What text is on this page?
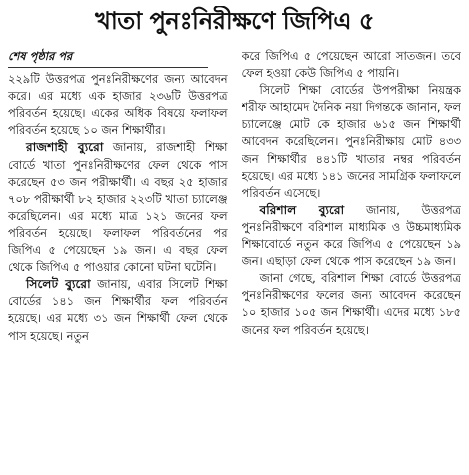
খাতা পুনঃনিরীক্ষণে জিপিএ ৫

শেষ পৃষ্ঠার পর

২২৯টি উত্তরপত্র পুনঃনিরীক্ষণের জন্য আবেদন করে। এর মধ্যে এক হাজার ২৩৬টি উত্তরপত্র পরিবর্তন হয়েছে। একের অধিক বিষয়ে ফলাফল পরিবর্তন হয়েছে ১০ জন শিক্ষার্থীর।

রাজশাহী ব্যুরো জানায়, রাজশাহী শিক্ষা বোর্ডে খাতা পুনঃনিরীক্ষণের ফেল থেকে পাস করেছেন ৫৩ জন পরীক্ষার্থী। এ বছর ২৫ হাজার ৭০৮ পরীক্ষার্থী ৮২ হাজার ২২৩টি খাতা চ্যালেঞ্জ করেছিলেন। এর মধ্যে মাত্র ১২১ জনের ফল পরিবর্তন হয়েছে। ফলাফল পরিবর্তনের পর জিপিএ ৫ পেয়েছেন ১৯ জন। এ বছর ফেল থেকে জিপিএ ৫ পাওয়ার কোনো ঘটনা ঘটেনি।

সিলেট ব্যুরো জানায়, এবার সিলেট শিক্ষা বোর্ডের ১৪১ জন শিক্ষার্থীর ফল পরিবর্তন হয়েছে। এর মধ্যে ৩১ জন শিক্ষার্থী ফেল থেকে পাস হয়েছে। নতুন

করে জিপিএ ৫ পেয়েছেন আরো সাতজন। তবে ফেল হওয়া কেউ জিপিএ ৫ পায়নি।

সিলেট শিক্ষা বোর্ডের উপপরীক্ষা নিয়ন্ত্রক শরীফ আহামেদ দৈনিক নয়া দিগন্তকে জানান, ফল চ্যালেঞ্জে মোট কে হাজার ৬১৫ জন শিক্ষার্থী আবেদন করেছিলেন। পুনঃনিরীক্ষায় মোট ৪৩৩ জন শিক্ষার্থীর ৪৪১টি খাতার নম্বর পরিবর্তন হয়েছে। এর মধ্যে ১৪১ জনের সামগ্রিক ফলাফলে পরিবর্তন এসেছে।

বরিশাল ব্যুরো জানায়, উত্তরপত্র পুনঃনিরীক্ষণে বরিশাল মাধ্যমিক ও উচ্চমাধ্যমিক শিক্ষাবোর্ডে নতুন করে জিপিএ ৫ পেয়েছেন ১৯ জন। এছাড়া ফেল থেকে পাস করেছেন ১৯ জন।

জানা গেছে, বরিশাল শিক্ষা বোর্ডে উত্তরপত্র পুনঃনিরীক্ষণের ফলের জন্য আবেদন করেছেন ১০ হাজার ১০৫ জন শিক্ষার্থী। এদের মধ্যে ১৮৫ জনের ফল পরিবর্তন হয়েছে।
